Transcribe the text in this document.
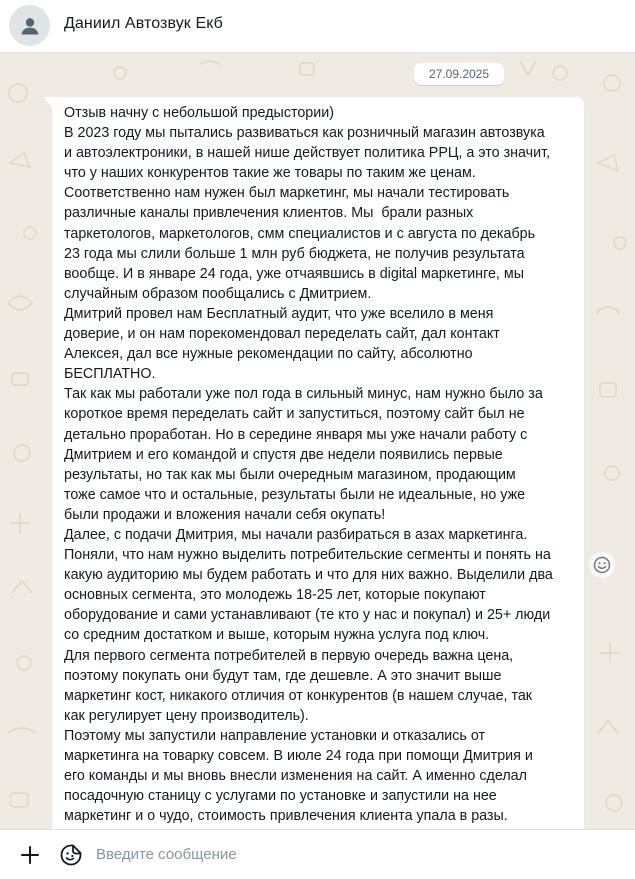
Даниил Автозвук Екб
27.09.2025
Отзыв начну с небольшой предыстории)
В 2023 году мы пытались развиваться как розничный магазин автозвука
и автоэлектроники, в нашей нише действует политика РРЦ, а это значит,
что у наших конкурентов такие же товары по таким же ценам.
Соответственно нам нужен был маркетинг, мы начали тестировать
различные каналы привлечения клиентов. Мы  брали разных
таркетологов, маркетологов, смм специалистов и с августа по декабрь
23 года мы слили больше 1 млн руб бюджета, не получив результата
вообще. И в январе 24 года, уже отчаявшись в digital маркетинге, мы
случайным образом пообщались с Дмитрием.
Дмитрий провел нам Бесплатный аудит, что уже вселило в меня
доверие, и он нам порекомендовал переделать сайт, дал контакт
Алексея, дал все нужные рекомендации по сайту, абсолютно
БЕСПЛАТНО.
Так как мы работали уже пол года в сильный минус, нам нужно было за
короткое время переделать сайт и запуститься, поэтому сайт был не
детально проработан. Но в середине января мы уже начали работу с
Дмитрием и его командой и спустя две недели появились первые
результаты, но так как мы были очередным магазином, продающим
тоже самое что и остальные, результаты были не идеальные, но уже
были продажи и вложения начали себя окупать!
Далее, с подачи Дмитрия, мы начали разбираться в азах маркетинга.
Поняли, что нам нужно выделить потребительские сегменты и понять на
какую аудиторию мы будем работать и что для них важно. Выделили два
основных сегмента, это молодежь 18-25 лет, которые покупают
оборудование и сами устанавливают (те кто у нас и покупал) и 25+ люди
со средним достатком и выше, которым нужна услуга под ключ.
Для первого сегмента потребителей в первую очередь важна цена,
поэтому покупать они будут там, где дешевле. А это значит выше
маркетинг кост, никакого отличия от конкурентов (в нашем случае, так
как регулирует цену производитель).
Поэтому мы запустили направление установки и отказались от
маркетинга на товарку совсем. В июле 24 года при помощи Дмитрия и
его команды и мы вновь внесли изменения на сайт. А именно сделал
посадочную станицу с услугами по установке и запустили на нее
маркетинг и о чудо, стоимость привлечения клиента упала в разы.
Введите сообщение
